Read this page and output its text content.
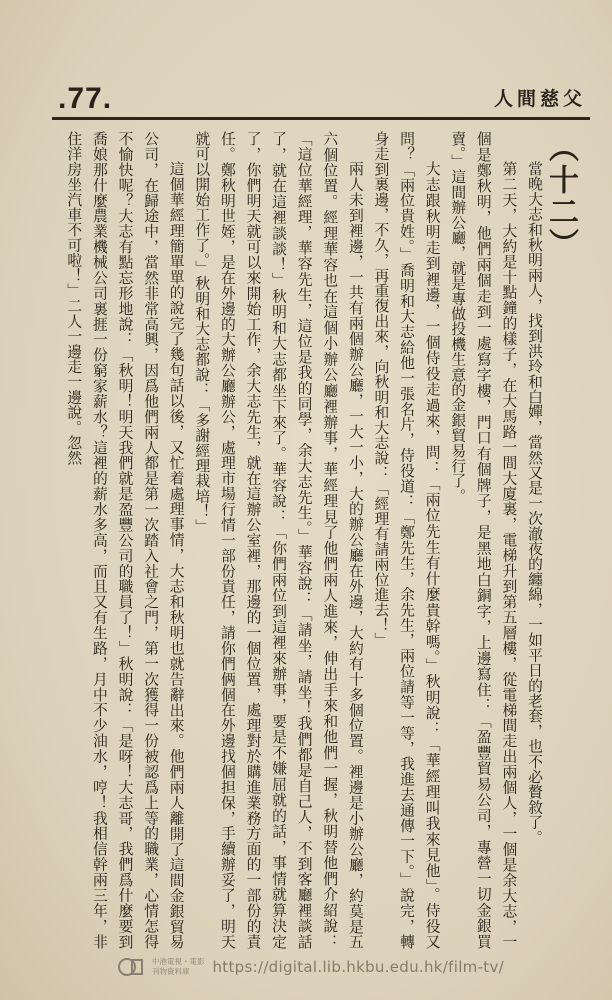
.77.	人間慈父
（十二）

當晚大志和秋明兩人，找到洪玲和白嬋，當然又是一次澈夜的纏綿，一如平日的老套，也不必贅敘了。

第二天，大約是十點鐘的樣子，在大馬路一間大廈裏，電梯升到第五層樓，從電梯間走出兩個人，一個是余大志，一個是鄭秋明，他們兩個走到一處寫字樓，門口有個牌子，是黑地白銅字，上邊寫住：「盈豐貿易公司，專營一切金銀買賣。」這間辦公廳，就是專做投機生意的金銀貿易行了。

大志跟秋明走到裡邊，一個侍役走過來，問：「兩位先生有什麼貴幹嗎。」秋明說：「華經理叫我來見他」。侍役又問？「兩位貴姓。」喬明和大志給他一張名片，侍役道：「鄭先生，余先生，兩位請等一等，我進去通傳一下。」說完，轉身走到裏邊，不久，再重復出來，向秋明和大志說：「經理有請兩位進去！」

兩人未到裡邊，一共有兩個辦公廳，一大一小，大的辦公廳在外邊，大約有十多個位置。裡邊是小辦公廳，約莫是五六個位置。經理華容也在這個小辦公廳裡辦事，華經理見了他們兩人進來，伸出手來和他們一握，秋明替他們介紹說：「這位華經理，華容先生，這位是我的同學，余大志先生。」華容說：「請坐，請坐！我們都是自己人，不到客廳裡談話了，就在這裡談談！」秋明和大志都坐下來了。華容說：「你們兩位到這裡來辦事，要是不嫌屈就的話，事情就算決定了，你們明天就可以來開始工作，余大志先生，就在這辦公室裡，那邊的一個位置，處理對於購進業務方面的一部份的責任。鄭秋明世姪，是在外邊的大辦公廳辦公，處理市場行情一部份責任，請你們俩個在外邊找個担保，手續辦妥了，明天就可以開始工作了。」秋明和大志都說：「多謝經理栽培！」

這個華經理簡單單的說完了幾句話以後，又忙着處理事情，大志和秋明也就告辭出來。他們兩人離開了這間金銀貿易公司，在歸途中，當然非常高興，因爲他們兩人都是第一次踏入社會之門，第一次獲得一份被認爲上等的職業，心情怎得不愉快呢？大志有點忘形地說：「秋明！明天我們就是盈豐公司的職員了！」秋明說：「是呀！大志哥，我們爲什麼要到喬娘那什麼農業機械公司裏捱一份窮家薪水？這裡的薪水多高，而且又有生路，月中不少油水，哼！我相信幹兩三年，非住洋房坐汽車不可啦！」二人一邊走一邊說。忽然

中港電視・電影
刊物資料庫	https://digital.lib.hkbu.edu.hk/film-tv/
